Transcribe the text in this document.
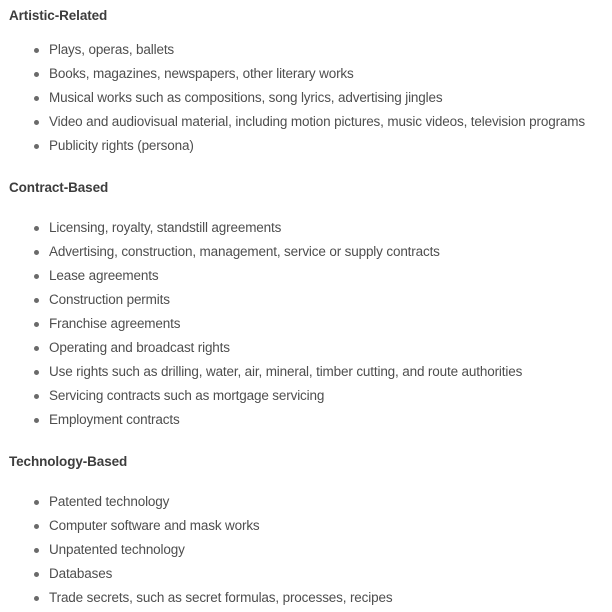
Artistic-Related
Plays, operas, ballets
Books, magazines, newspapers, other literary works
Musical works such as compositions, song lyrics, advertising jingles
Video and audiovisual material, including motion pictures, music videos, television programs
Publicity rights (persona)
Contract-Based
Licensing, royalty, standstill agreements
Advertising, construction, management, service or supply contracts
Lease agreements
Construction permits
Franchise agreements
Operating and broadcast rights
Use rights such as drilling, water, air, mineral, timber cutting, and route authorities
Servicing contracts such as mortgage servicing
Employment contracts
Technology-Based
Patented technology
Computer software and mask works
Unpatented technology
Databases
Trade secrets, such as secret formulas, processes, recipes
